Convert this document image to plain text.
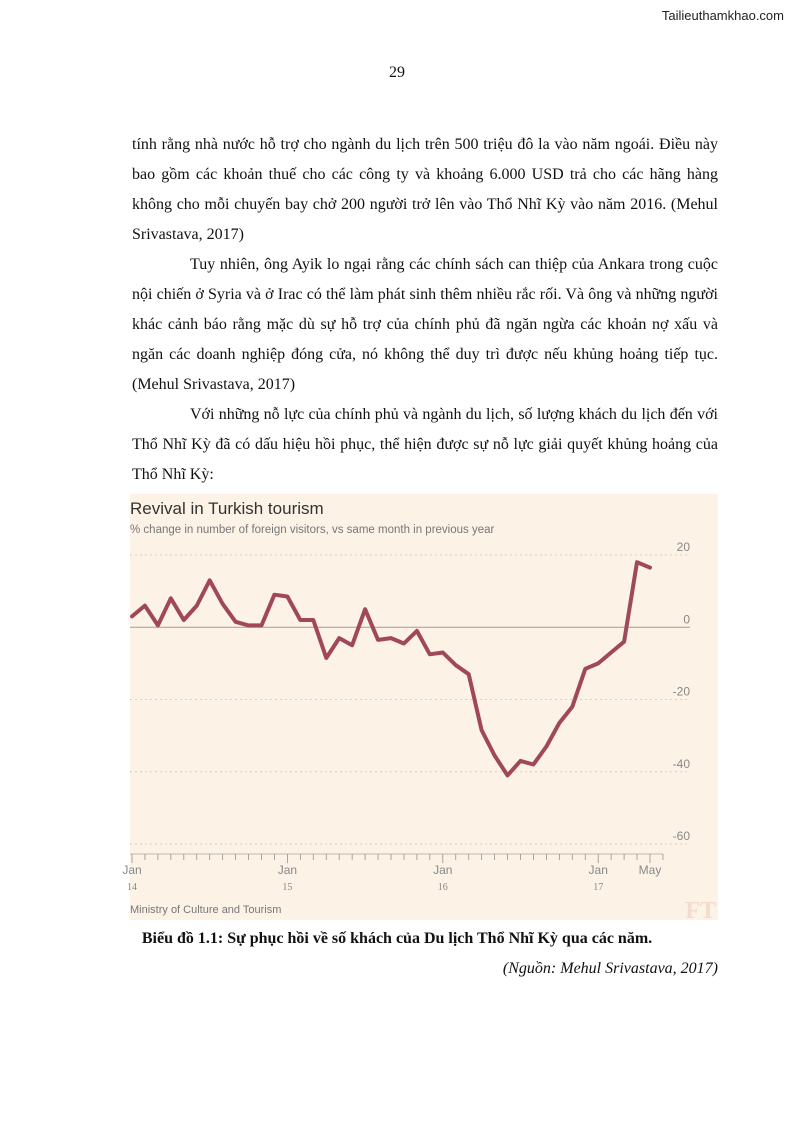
Tailieuthamkhao.com
29

tính rằng nhà nước hỗ trợ cho ngành du lịch trên 500 triệu đô la vào năm ngoái. Điều này bao gồm các khoản thuế cho các công ty và khoảng 6.000 USD trả cho các hãng hàng không cho mỗi chuyến bay chở 200 người trở lên vào Thổ Nhĩ Kỳ vào năm 2016. (Mehul Srivastava, 2017)

Tuy nhiên, ông Ayik lo ngại rằng các chính sách can thiệp của Ankara trong cuộc nội chiến ở Syria và ở Irac có thể làm phát sinh thêm nhiều rắc rối. Và ông và những người khác cảnh báo rằng mặc dù sự hỗ trợ của chính phủ đã ngăn ngừa các khoản nợ xấu và ngăn các doanh nghiệp đóng cửa, nó không thể duy trì được nếu khủng hoảng tiếp tục. (Mehul Srivastava, 2017)

Với những nỗ lực của chính phủ và ngành du lịch, số lượng khách du lịch đến với Thổ Nhĩ Kỳ đã có dấu hiệu hồi phục, thể hiện được sự nỗ lực giải quyết khủng hoảng của Thổ Nhĩ Kỳ:

Revival in Turkish tourism
% change in number of foreign visitors, vs same month in previous year
20
0
-20
-40
-60
Jan
14
Jan
15
Jan
16
Jan
17
May
Ministry of Culture and Tourism	FT
Biểu đồ 1.1: Sự phục hồi về số khách của Du lịch Thổ Nhĩ Kỳ qua các năm.
(Nguồn: Mehul Srivastava, 2017)
